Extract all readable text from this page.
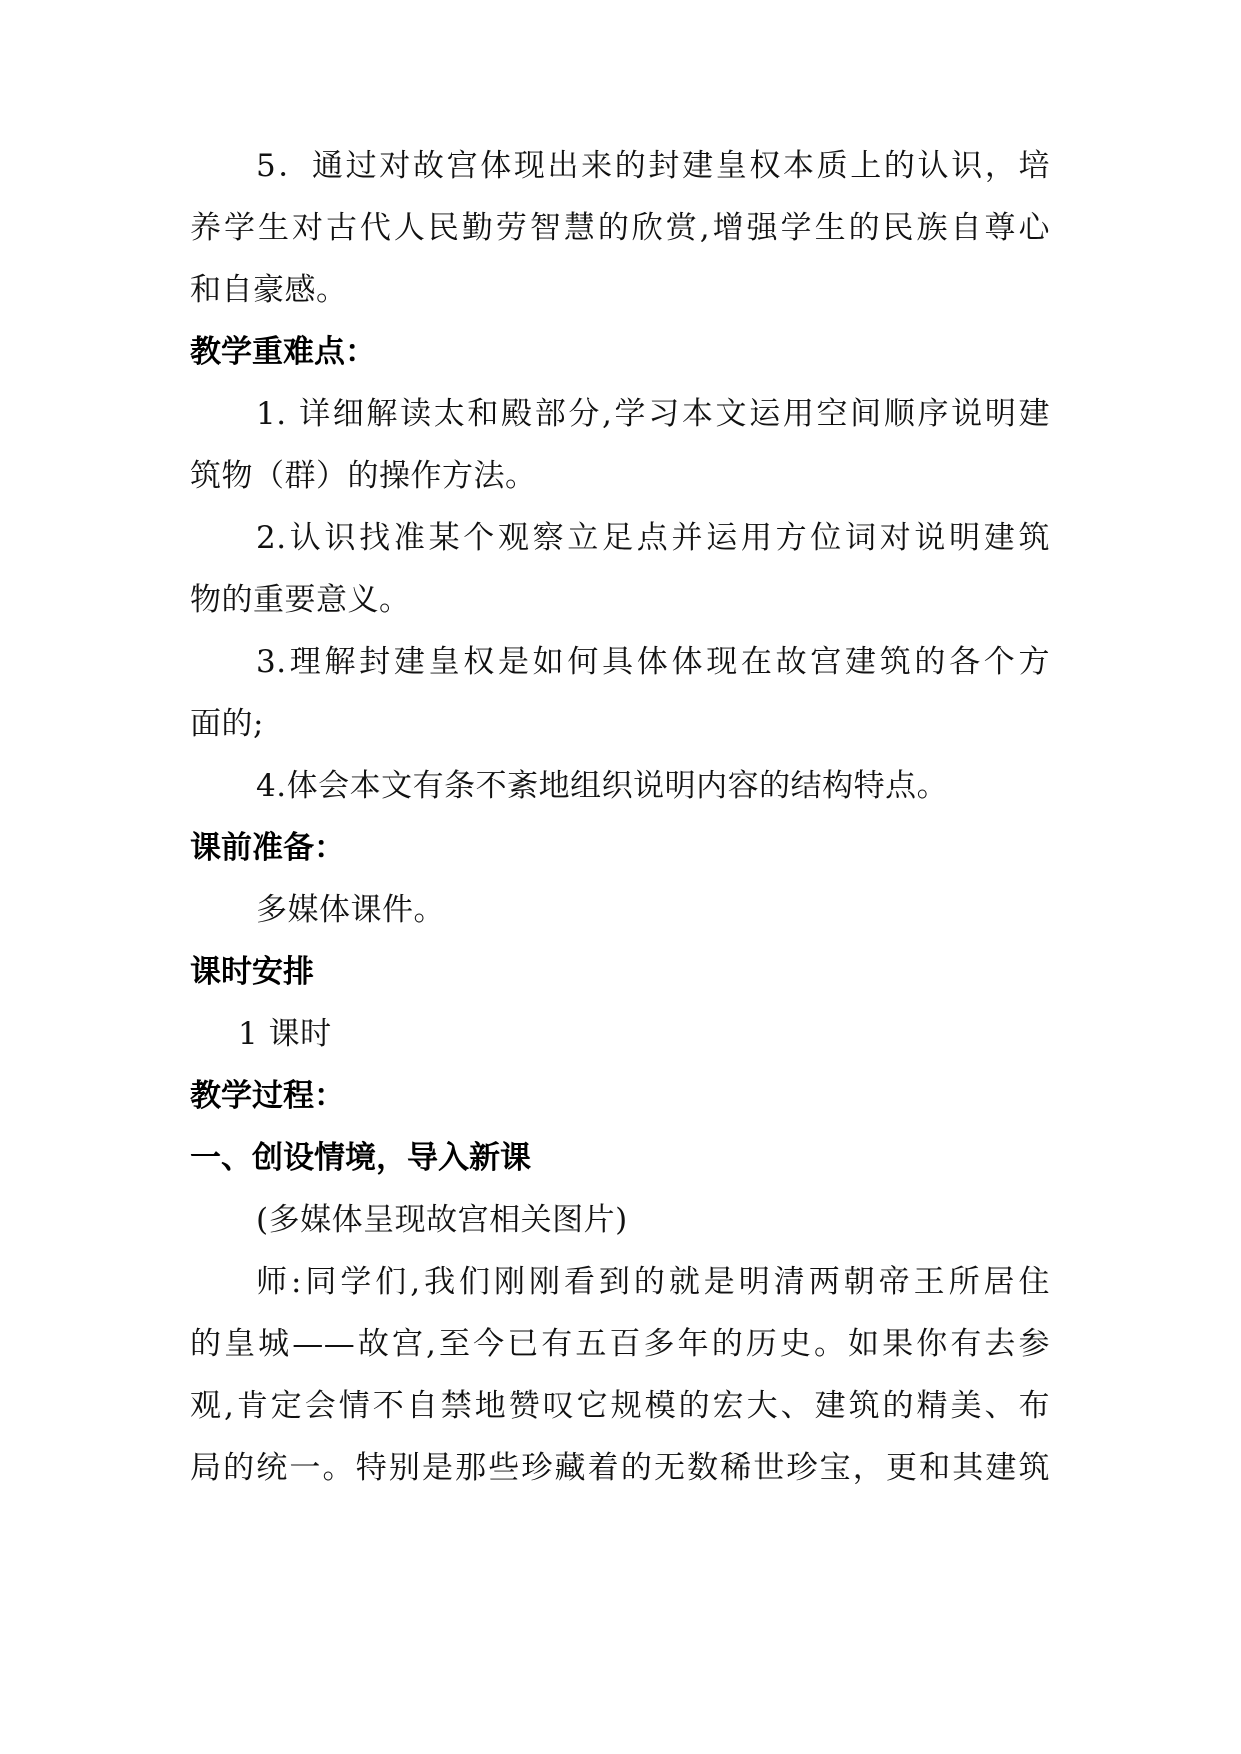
5．通过对故宫体现出来的封建皇权本质上的认识，培
养学生对古代人民勤劳智慧的欣赏,增强学生的民族自尊心
和自豪感。
教学重难点：
1. 详细解读太和殿部分,学习本文运用空间顺序说明建
筑物（群）的操作方法。
2.认识找准某个观察立足点并运用方位词对说明建筑
物的重要意义。
3.理解封建皇权是如何具体体现在故宫建筑的各个方
面的;
4.体会本文有条不紊地组织说明内容的结构特点。
课前准备：
多媒体课件。
课时安排
1 课时
教学过程：
一、创设情境，导入新课
(多媒体呈现故宫相关图片)
师:同学们,我们刚刚看到的就是明清两朝帝王所居住
的皇城——故宫,至今已有五百多年的历史。如果你有去参
观,肯定会情不自禁地赞叹它规模的宏大、建筑的精美、布
局的统一。特别是那些珍藏着的无数稀世珍宝，更和其建筑
